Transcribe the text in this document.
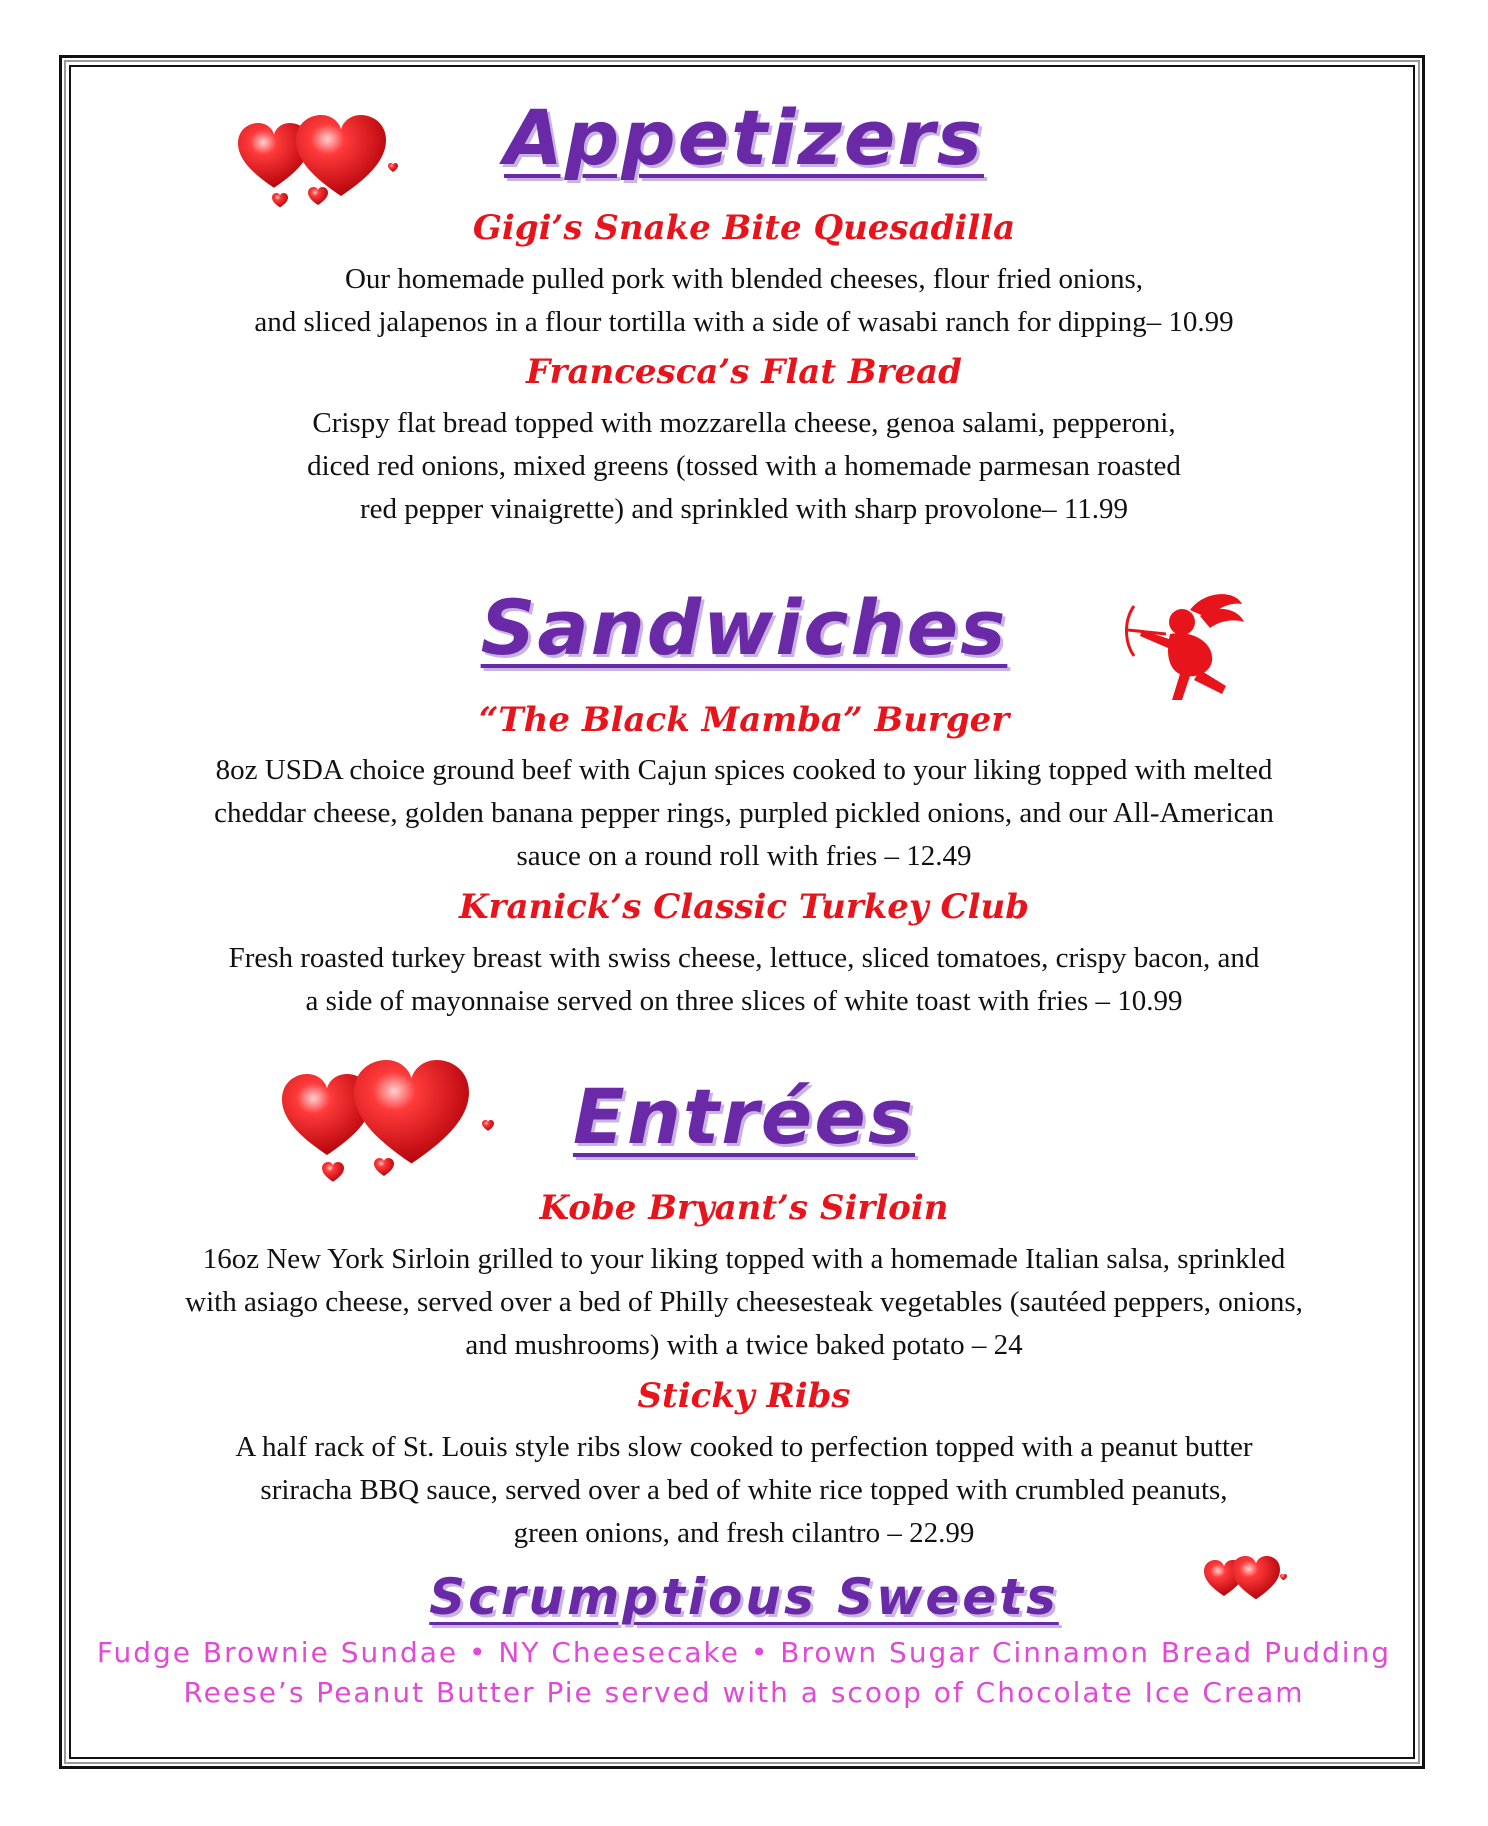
Appetizers

Gigi’s Snake Bite Quesadilla

Our homemade pulled pork with blended cheeses, flour fried onions,

and sliced jalapenos in a flour tortilla with a side of wasabi ranch for dipping– 10.99

Francesca’s Flat Bread

Crispy flat bread topped with mozzarella cheese, genoa salami, pepperoni,

diced red onions, mixed greens (tossed with a homemade parmesan roasted

red pepper vinaigrette) and sprinkled with sharp provolone– 11.99

Sandwiches

“The Black Mamba” Burger

8oz USDA choice ground beef with Cajun spices cooked to your liking topped with melted

cheddar cheese, golden banana pepper rings, purpled pickled onions, and our All-American

sauce on a round roll with fries – 12.49

Kranick’s Classic Turkey Club

Fresh roasted turkey breast with swiss cheese, lettuce, sliced tomatoes, crispy bacon, and

a side of mayonnaise served on three slices of white toast with fries – 10.99

Entrées

Kobe Bryant’s Sirloin

16oz New York Sirloin grilled to your liking topped with a homemade Italian salsa, sprinkled

with asiago cheese, served over a bed of Philly cheesesteak vegetables (sautéed peppers, onions,

and mushrooms) with a twice baked potato – 24

Sticky Ribs

A half rack of St. Louis style ribs slow cooked to perfection topped with a peanut butter

sriracha BBQ sauce, served over a bed of white rice topped with crumbled peanuts,

green onions, and fresh cilantro – 22.99

Scrumptious Sweets

Fudge Brownie Sundae • NY Cheesecake • Brown Sugar Cinnamon Bread Pudding

Reese’s Peanut Butter Pie served with a scoop of Chocolate Ice Cream
